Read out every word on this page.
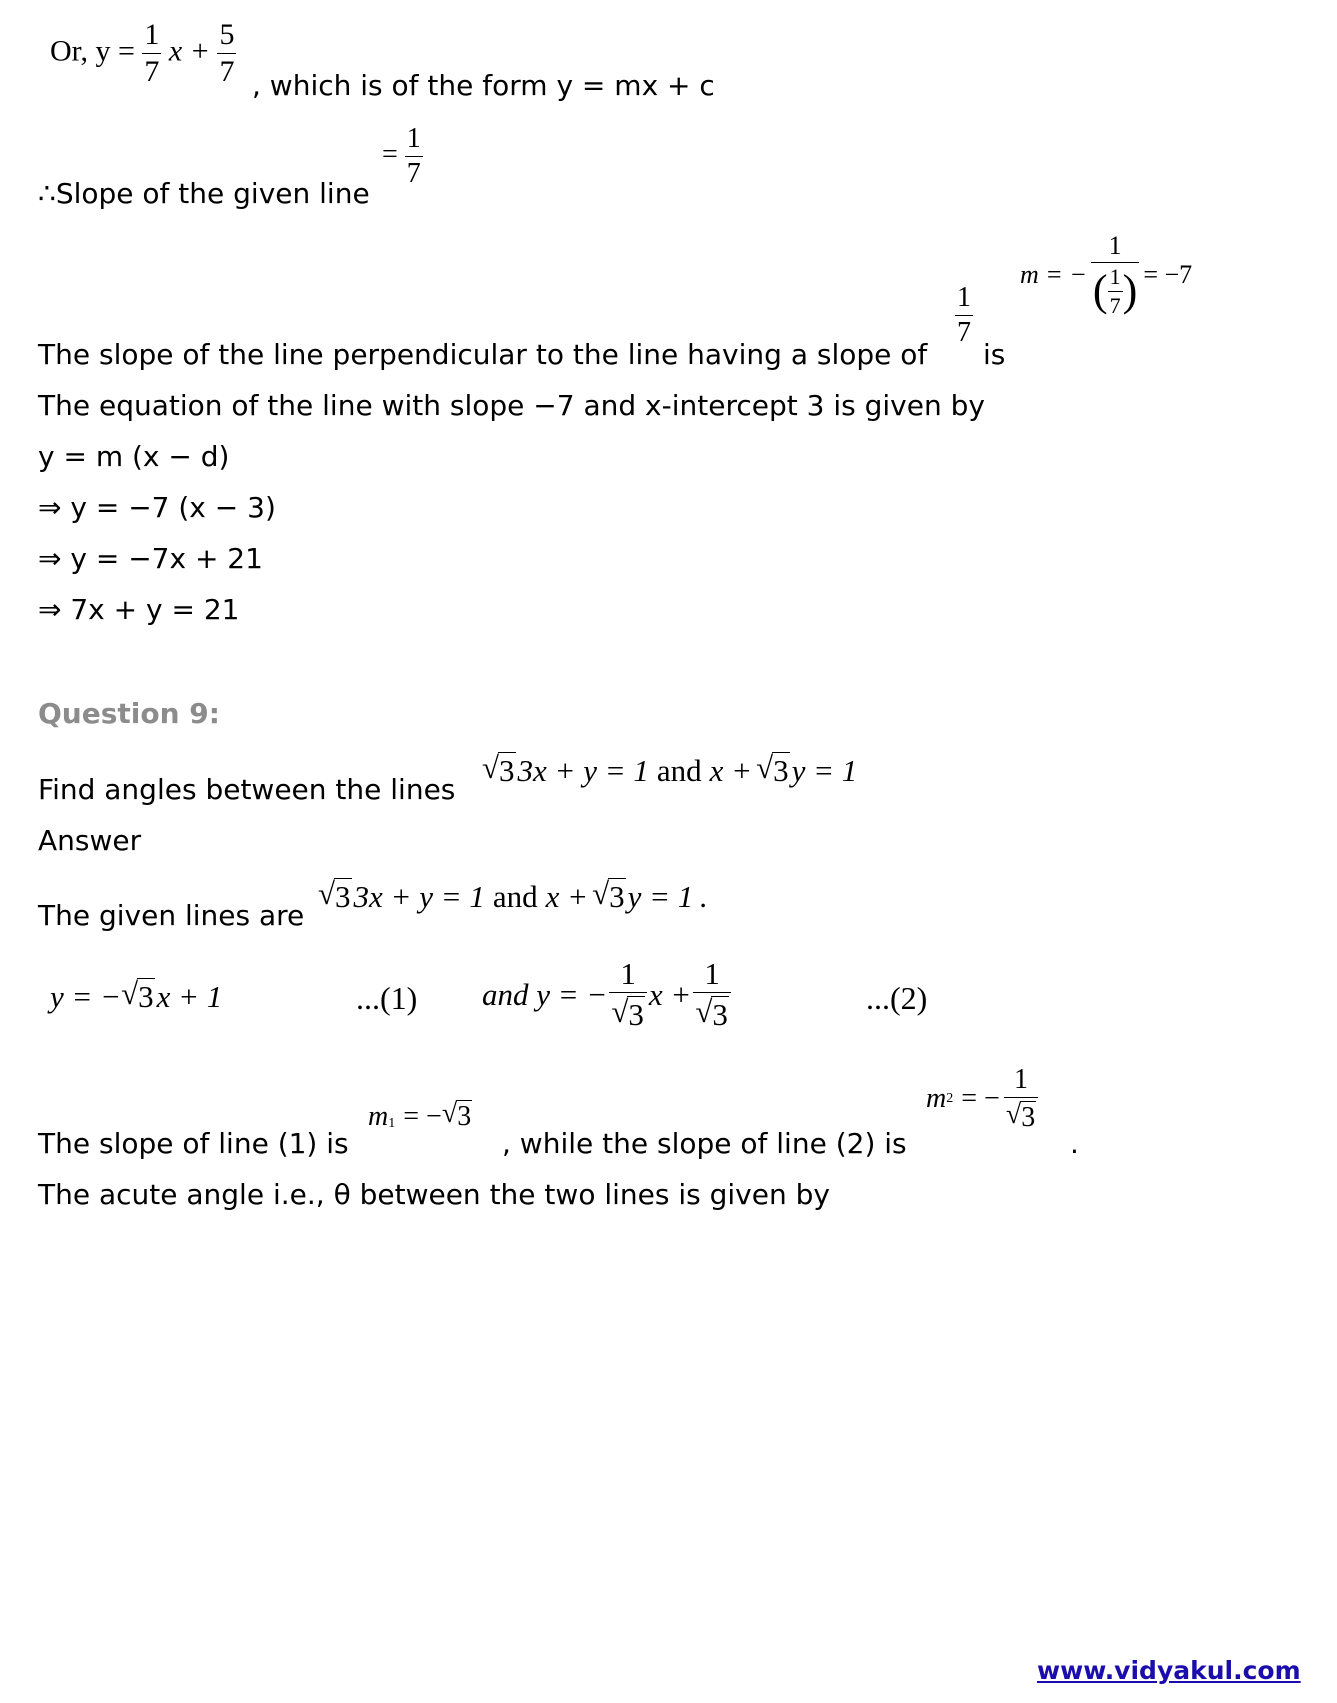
Or, $y = \frac{1}{7}$ $x + \frac{5}{7}$ , which is of the form y = mx + c
∴Slope of the given line
= $\frac{1}{7}$
The slope of the line perpendicular to the line having a slope of
$\frac{1}{7}$
is
m = − $\frac{1}{( \frac{1}{7} )} = -7$
The equation of the line with slope −7 and x-intercept 3 is given by
y = m (x − d)
⇒ y = −7 (x − 3)
⇒ y = −7x + 21
⇒ 7x + y = 21
Question 9:
Find angles between the lines
√ 3 3x + y = 1 and x + √ 3 y = 1
Answer
The given lines are
√ 3 3x + y = 1 and x + √ 3 y = 1 .
y = − √ 3 x + 1	...(1) and y = − $\frac{1}{√ 3}$ $x + \frac{1}{√ 3}$	...(2)
The slope of line (1) is
$m_1$ = − √ 3
, while the slope of line (2) is
m 2 = − $\frac{1}{√ 3}$
.
The acute angle i.e., θ between the two lines is given by
www.vidyakul.com
